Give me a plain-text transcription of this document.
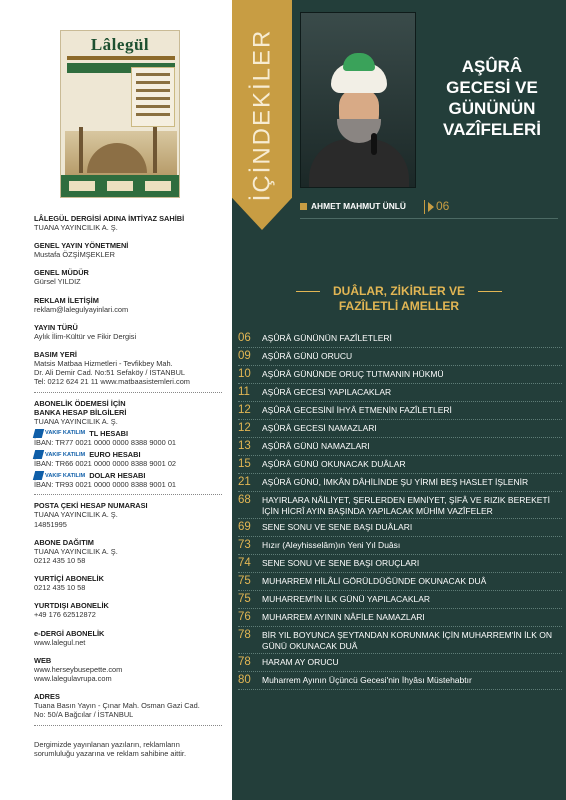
Lâlegül
LÂLEGÜL DERGİSİ ADINA İMTİYAZ SAHİBİ
TUANA YAYINCILIK A. Ş.
GENEL YAYIN YÖNETMENİ
Mustafa ÖZŞİMŞEKLER
GENEL MÜDÜR
Gürsel YILDIZ
REKLAM İLETİŞİM
reklam@lalegulyayinlari.com
YAYIN TÜRÜ
Aylık İlim-Kültür ve Fikir Dergisi
BASIM YERİ
Matsis Matbaa Hizmetleri - Tevfikbey Mah.
Dr. Ali Demir Cad. No:51 Sefaköy / İSTANBUL
Tel: 0212 624 21 11 www.matbaasistemleri.com
ABONELİK ÖDEMESİ İÇİN
BANKA HESAP BİLGİLERİ
TUANA YAYINCILIK A. Ş.
VAKIF KATILIM TL HESABI
İBAN: TR77 0021 0000 0000 8388 9000 01
VAKIF KATILIM EURO HESABI
İBAN: TR66 0021 0000 0000 8388 9001 02
VAKIF KATILIM DOLAR HESABI
İBAN: TR93 0021 0000 0000 8388 9001 01
POSTA ÇEKİ HESAP NUMARASI
TUANA YAYINCILIK A. Ş.
14851995
ABONE DAĞITIM
TUANA YAYINCILIK A. Ş.
0212 435 10 58
YURTİÇİ ABONELİK
0212 435 10 58
YURTDIŞI ABONELİK
+49 176 62512872
e-DERGİ ABONELİK
www.lalegul.net
WEB
www.herseybusepette.com
www.lalegulavrupa.com
ADRES
Tuana Basın Yayın - Çınar Mah. Osman Gazi Cad.
No: 50/A Bağcılar / İSTANBUL
Dergimizde yayınlanan yazıların, reklamların
sorumluluğu yazarına ve reklam sahibine aittir.
İÇİNDEKİLER	AŞÛRÂ
GECESİ VE
GÜNÜNÜN
VAZÎFELERİ
AHMET MAHMUT ÜNLÜ	06
DUÂLAR, ZİKİRLER VE
FAZÎLETLİ AMELLER
06	AŞÛRÂ GÜNÜNÜN FAZÎLETLERİ
09	AŞÛRÂ GÜNÜ ORUCU
10	AŞÛRÂ GÜNÜNDE ORUÇ TUTMANIN HÜKMÜ
11	AŞÛRÂ GECESİ YAPILACAKLAR
12	AŞÛRÂ GECESİNİ İHYÂ ETMENİN FAZÎLETLERİ
12	AŞÛRÂ GECESİ NAMAZLARI
13	AŞÛRÂ GÜNÜ NAMAZLARI
15	AŞÛRÂ GÜNÜ OKUNACAK DUÂLAR
21	AŞÛRÂ GÜNÜ, İMKÂN DÂHİLİNDE ŞU YİRMİ BEŞ HASLET İŞLENİR
68	HAYIRLARA NÂİLİYET, ŞERLERDEN EMNİYET, ŞİFÂ VE RIZIK BEREKETİ İÇİN HİCRÎ AYIN BAŞINDA YAPILACAK MÜHİM VAZÎFELER
69	SENE SONU VE SENE BAŞI DUÂLARI
73	Hızır (Aleyhisselâm)ın Yeni Yıl Duâsı
74	SENE SONU VE SENE BAŞI ORUÇLARI
75	MUHARREM HİLÂLİ GÖRÜLDÜĞÜNDE OKUNACAK DUÂ
75	MUHARREM'İN İLK GÜNÜ YAPILACAKLAR
76	MUHARREM AYININ NÂFİLE NAMAZLARI
78	BİR YIL BOYUNCA ŞEYTANDAN KORUNMAK İÇİN MUHARREM'İN İLK ON GÜNÜ OKUNACAK DUÂ
78	HARAM AY ORUCU
80	Muharrem Ayının Üçüncü Gecesi'nin İhyâsı Müstehabtır
